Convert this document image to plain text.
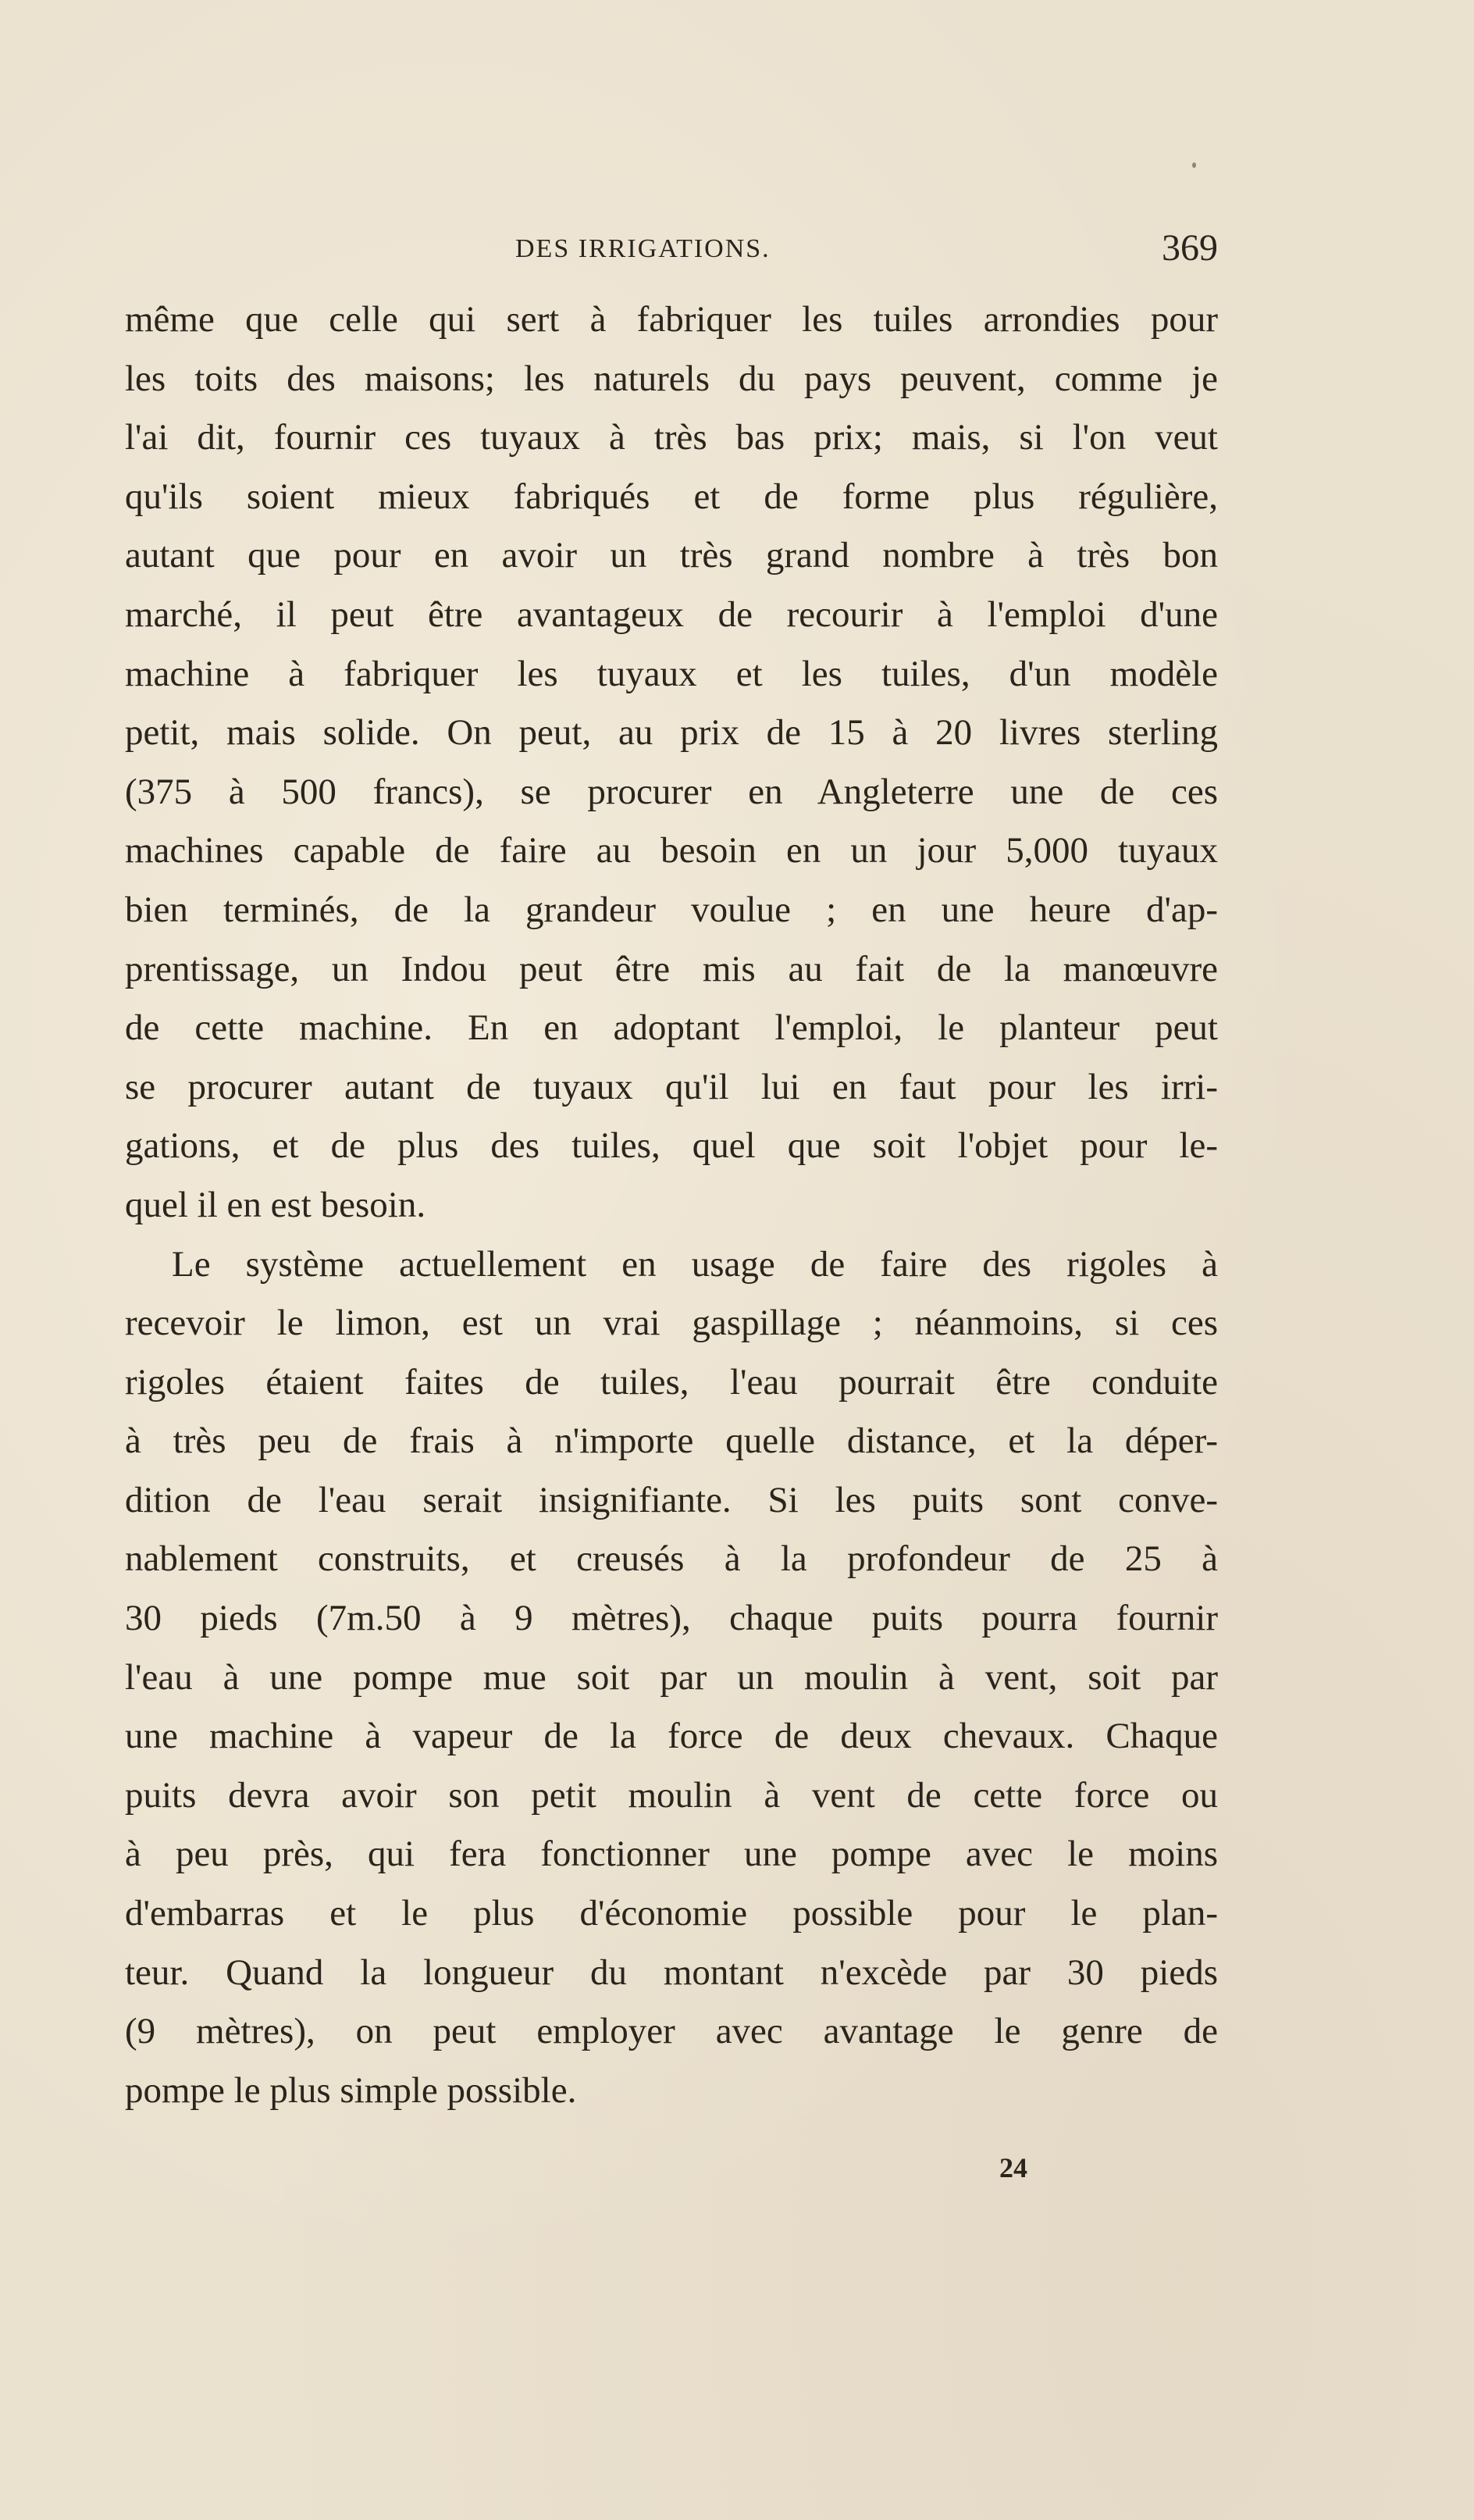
DES IRRIGATIONS.	369
même que celle qui sert à fabriquer les tuiles arrondies pour
les toits des maisons; les naturels du pays peuvent, comme je
l'ai dit, fournir ces tuyaux à très bas prix; mais, si l'on veut
qu'ils soient mieux fabriqués et de forme plus régulière,
autant que pour en avoir un très grand nombre à très bon
marché, il peut être avantageux de recourir à l'emploi d'une
machine à fabriquer les tuyaux et les tuiles, d'un modèle
petit, mais solide. On peut, au prix de 15 à 20 livres sterling
(375 à 500 francs), se procurer en Angleterre une de ces
machines capable de faire au besoin en un jour 5,000 tuyaux
bien terminés, de la grandeur voulue ; en une heure d'ap-
prentissage, un Indou peut être mis au fait de la manœuvre
de cette machine. En en adoptant l'emploi, le planteur peut
se procurer autant de tuyaux qu'il lui en faut pour les irri-
gations, et de plus des tuiles, quel que soit l'objet pour le-
quel il en est besoin.
Le système actuellement en usage de faire des rigoles à
recevoir le limon, est un vrai gaspillage ; néanmoins, si ces
rigoles étaient faites de tuiles, l'eau pourrait être conduite
à très peu de frais à n'importe quelle distance, et la déper-
dition de l'eau serait insignifiante. Si les puits sont conve-
nablement construits, et creusés à la profondeur de 25 à
30 pieds (7m.50 à 9 mètres), chaque puits pourra fournir
l'eau à une pompe mue soit par un moulin à vent, soit par
une machine à vapeur de la force de deux chevaux. Chaque
puits devra avoir son petit moulin à vent de cette force ou
à peu près, qui fera fonctionner une pompe avec le moins
d'embarras et le plus d'économie possible pour le plan-
teur. Quand la longueur du montant n'excède par 30 pieds
(9 mètres), on peut employer avec avantage le genre de
pompe le plus simple possible.
24
